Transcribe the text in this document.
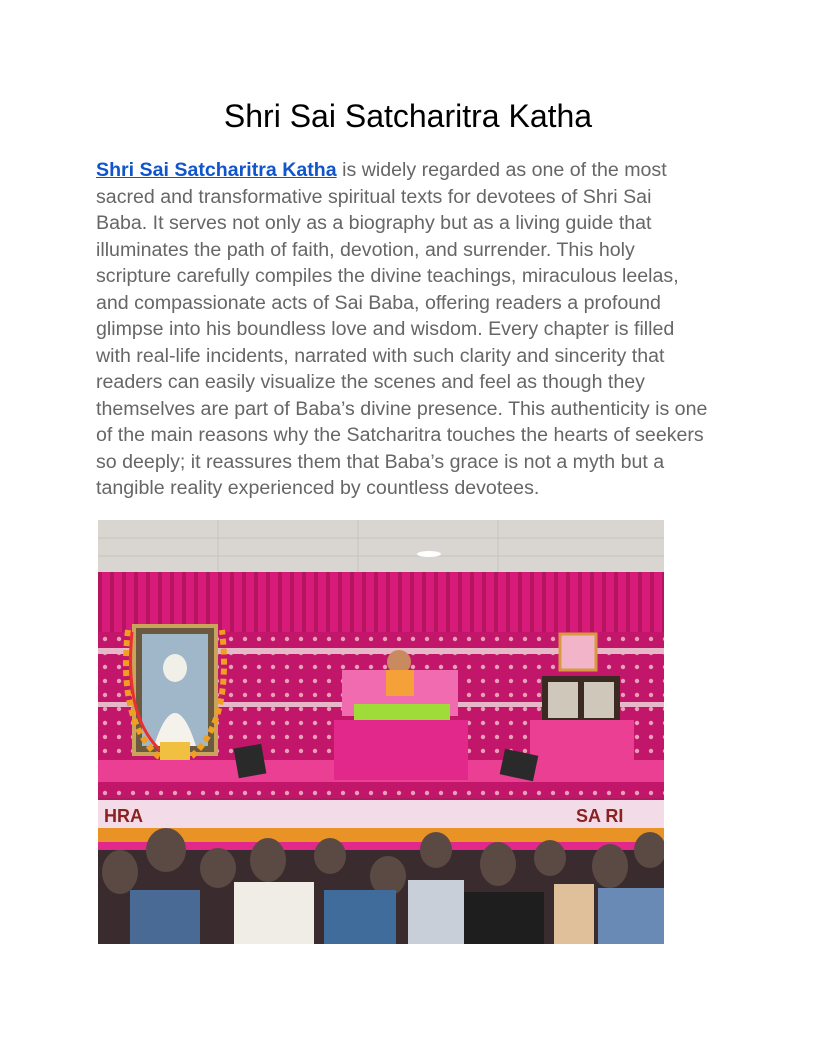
Shri Sai Satcharitra Katha

Shri Sai Satcharitra Katha is widely regarded as one of the most sacred and transformative spiritual texts for devotees of Shri Sai Baba. It serves not only as a biography but as a living guide that illuminates the path of faith, devotion, and surrender. This holy scripture carefully compiles the divine teachings, miraculous leelas, and compassionate acts of Sai Baba, offering readers a profound glimpse into his boundless love and wisdom. Every chapter is filled with real-life incidents, narrated with such clarity and sincerity that readers can easily visualize the scenes and feel as though they themselves are part of Baba’s divine presence. This authenticity is one of the main reasons why the Satcharitra touches the hearts of seekers so deeply; it reassures them that Baba’s grace is not a myth but a tangible reality experienced by countless devotees.

HRA	SA RI
